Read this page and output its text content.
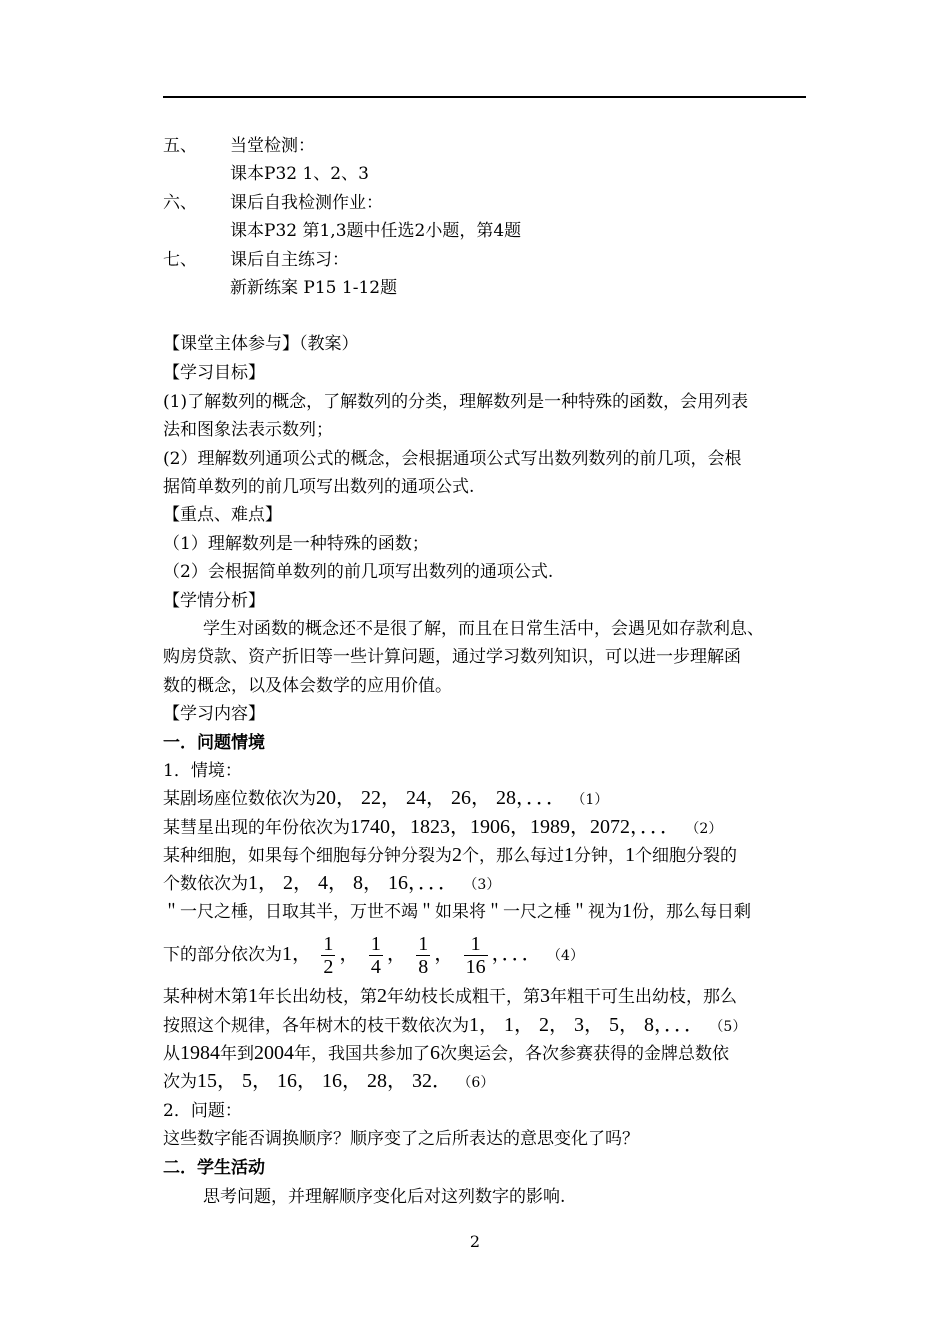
五、 当堂检测：
课本P32 1、2、3
六、 课后自我检测作业：
课本P32 第1,3题中任选2小题，第4题
七、 课后自主练习：
新新练案 P15 1-12题
【课堂主体参与】（教案）
【学习目标】
(1)了解数列的概念，了解数列的分类，理解数列是一种特殊的函数，会用列表
法和图象法表示数列；
(2）理解数列通项公式的概念，会根据通项公式写出数列数列的前几项，会根
据简单数列的前几项写出数列的通项公式.
【重点、难点】
（1）理解数列是一种特殊的函数；
（2）会根据简单数列的前几项写出数列的通项公式.
【学情分析】
学生对函数的概念还不是很了解，而且在日常生活中，会遇见如存款利息、
购房贷款、资产折旧等一些计算问题，通过学习数列知识，可以进一步理解函
数的概念，以及体会数学的应用价值。
【学习内容】
一．问题情境
1．情境：
某剧场座位数依次为20， 22， 24， 26， 28，．．． （1）
某彗星出现的年份依次为1740，1823，1906，1989，2072，．．． （2）
某种细胞，如果每个细胞每分钟分裂为2个，那么每过1分钟，1个细胞分裂的
个数依次为1， 2， 4， 8， 16，．．． （3）
＂一尺之棰，日取其半，万世不竭＂如果将＂一尺之棰＂视为1份，那么每日剩
下的部分依次为1， $\frac{1}{2}$ ， $\frac{1}{4}$ ， $\frac{1}{8}$ ， $\frac{1}{16}$ ，．．． （4）
某种树木第1年长出幼枝，第2年幼枝长成粗干，第3年粗干可生出幼枝，那么
按照这个规律，各年树木的枝干数依次为1， 1， 2， 3， 5， 8，．．． （5）
从1984年到2004年，我国共参加了6次奥运会，各次参赛获得的金牌总数依
次为15， 5， 16， 16， 28， 32． （6）
2．问题：
这些数字能否调换顺序？顺序变了之后所表达的意思变化了吗？
二．学生活动
思考问题，并理解顺序变化后对这列数字的影响.
2
